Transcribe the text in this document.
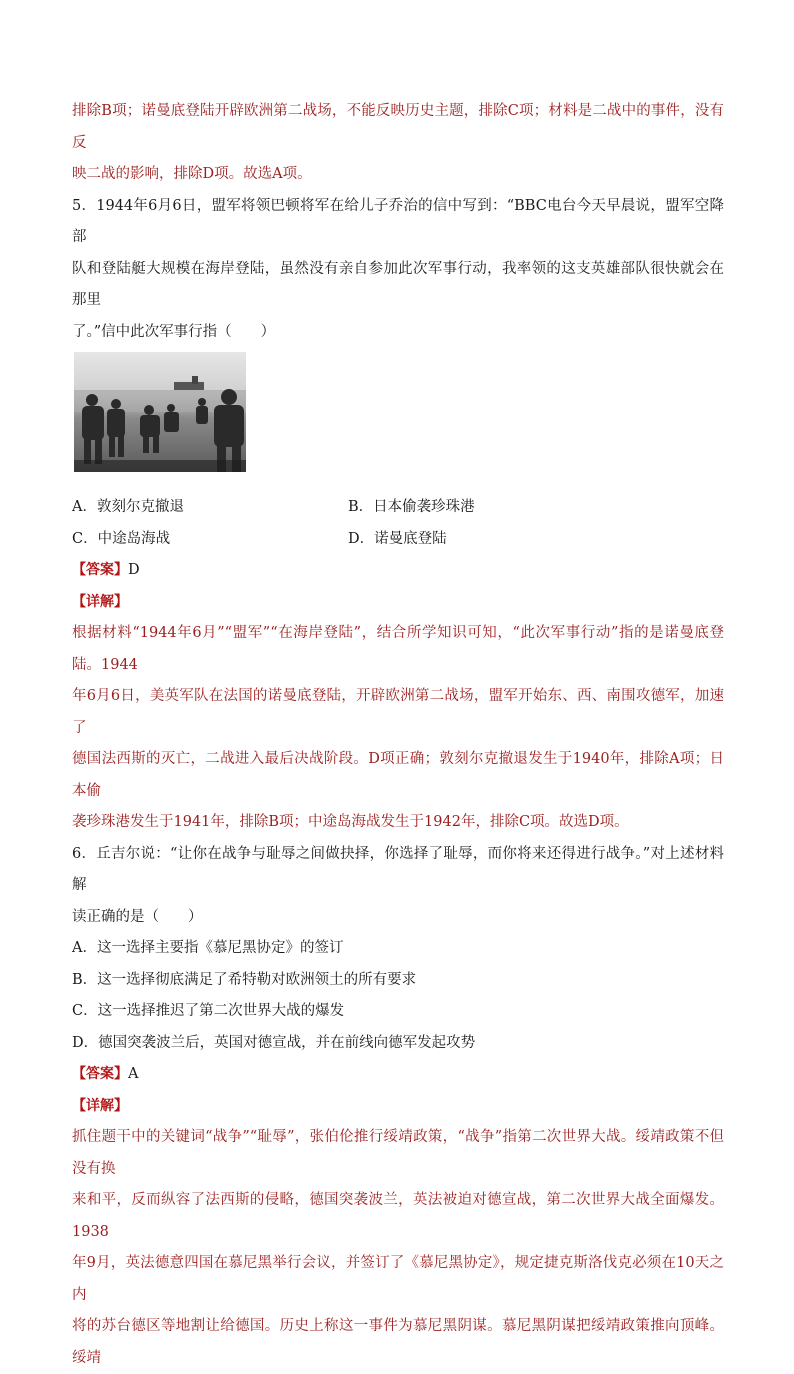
排除B项；诺曼底登陆开辟欧洲第二战场，不能反映历史主题，排除C项；材料是二战中的事件，没有反

映二战的影响，排除D项。故选A项。

5．1944年6月6日，盟军将领巴顿将军在给儿子乔治的信中写到：“BBC电台今天早晨说，盟军空降部

队和登陆艇大规模在海岸登陆，虽然没有亲自参加此次军事行动，我率领的这支英雄部队很快就会在那里

了。”信中此次军事行指（　　）

A．敦刻尔克撤退	B．日本偷袭珍珠港
C．中途岛海战	D．诺曼底登陆

【答案】D

【详解】

根据材料“1944年6月”“盟军”“在海岸登陆”，结合所学知识可知，“此次军事行动”指的是诺曼底登陆。1944

年6月6日，美英军队在法国的诺曼底登陆，开辟欧洲第二战场，盟军开始东、西、南围攻德军，加速了

德国法西斯的灭亡，二战进入最后决战阶段。D项正确；敦刻尔克撤退发生于1940年，排除A项；日本偷

袭珍珠港发生于1941年，排除B项；中途岛海战发生于1942年，排除C项。故选D项。

6．丘吉尔说：“让你在战争与耻辱之间做抉择，你选择了耻辱，而你将来还得进行战争。”对上述材料解

读正确的是（　　）

A．这一选择主要指《慕尼黑协定》的签订
B．这一选择彻底满足了希特勒对欧洲领土的所有要求
C．这一选择推迟了第二次世界大战的爆发
D．德国突袭波兰后，英国对德宣战，并在前线向德军发起攻势

【答案】A

【详解】

抓住题干中的关键词“战争”“耻辱”，张伯伦推行绥靖政策，“战争”指第二次世界大战。绥靖政策不但没有换

来和平，反而纵容了法西斯的侵略，德国突袭波兰，英法被迫对德宣战，第二次世界大战全面爆发。1938

年9月，英法德意四国在慕尼黑举行会议，并签订了《慕尼黑协定》，规定捷克斯洛伐克必须在10天之内

将的苏台德区等地割让给德国。历史上称这一事件为慕尼黑阴谋。慕尼黑阴谋把绥靖政策推向顶峰。绥靖
